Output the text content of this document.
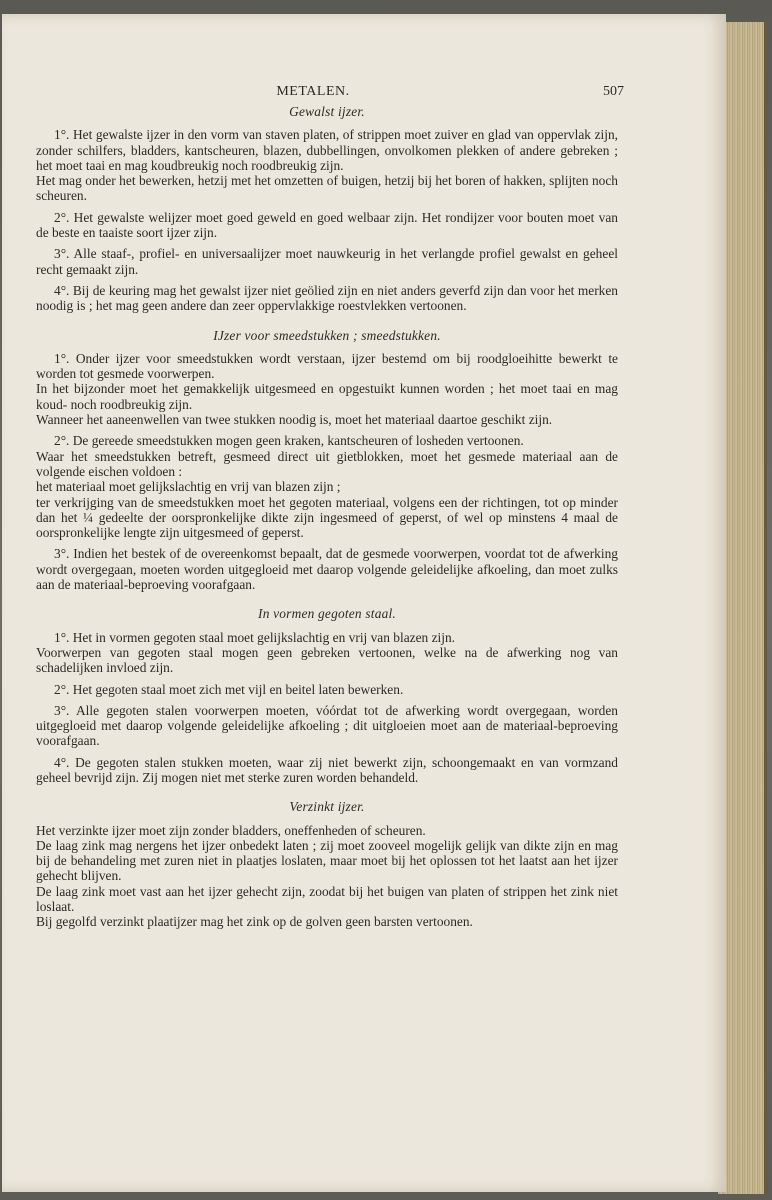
METALEN.	507
Gewalst ijzer.

1°. Het gewalste ijzer in den vorm van staven platen, of strippen moet zuiver en glad van oppervlak zijn, zonder schilfers, bladders, kantscheuren, blazen, dubbellingen, onvolkomen plekken of andere gebreken ; het moet taai en mag koudbreukig noch roodbreukig zijn.

Het mag onder het bewerken, hetzij met het omzetten of buigen, hetzij bij het boren of hakken, splijten noch scheuren.

2°. Het gewalste welijzer moet goed geweld en goed welbaar zijn. Het rondijzer voor bouten moet van de beste en taaiste soort ijzer zijn.

3°. Alle staaf-, profiel- en universaalijzer moet nauwkeurig in het verlangde profiel gewalst en geheel recht gemaakt zijn.

4°. Bij de keuring mag het gewalst ijzer niet geölied zijn en niet anders geverfd zijn dan voor het merken noodig is ; het mag geen andere dan zeer oppervlakkige roestvlekken vertoonen.

IJzer voor smeedstukken ; smeedstukken.

1°. Onder ijzer voor smeedstukken wordt verstaan, ijzer bestemd om bij roodgloeihitte bewerkt te worden tot gesmede voorwerpen.

In het bijzonder moet het gemakkelijk uitgesmeed en opgestuikt kunnen worden ; het moet taai en mag koud- noch roodbreukig zijn.

Wanneer het aaneenwellen van twee stukken noodig is, moet het materiaal daartoe geschikt zijn.

2°. De gereede smeedstukken mogen geen kraken, kantscheuren of losheden vertoonen.

Waar het smeedstukken betreft, gesmeed direct uit gietblokken, moet het gesmede materiaal aan de volgende eischen voldoen :

het materiaal moet gelijkslachtig en vrij van blazen zijn ;

ter verkrijging van de smeedstukken moet het gegoten materiaal, volgens een der richtingen, tot op minder dan het ¼ gedeelte der oorspronkelijke dikte zijn ingesmeed of geperst, of wel op minstens 4 maal de oorspronkelijke lengte zijn uitgesmeed of geperst.

3°. Indien het bestek of de overeenkomst bepaalt, dat de gesmede voorwerpen, voordat tot de afwerking wordt overgegaan, moeten worden uitgegloeid met daarop volgende geleidelijke afkoeling, dan moet zulks aan de materiaal-beproeving voorafgaan.

In vormen gegoten staal.

1°. Het in vormen gegoten staal moet gelijkslachtig en vrij van blazen zijn.

Voorwerpen van gegoten staal mogen geen gebreken vertoonen, welke na de afwerking nog van schadelijken invloed zijn.

2°. Het gegoten staal moet zich met vijl en beitel laten bewerken.

3°. Alle gegoten stalen voorwerpen moeten, vóórdat tot de afwerking wordt overgegaan, worden uitgegloeid met daarop volgende geleidelijke afkoeling ; dit uitgloeien moet aan de materiaal-beproeving voorafgaan.

4°. De gegoten stalen stukken moeten, waar zij niet bewerkt zijn, schoongemaakt en van vormzand geheel bevrijd zijn. Zij mogen niet met sterke zuren worden behandeld.

Verzinkt ijzer.

Het verzinkte ijzer moet zijn zonder bladders, oneffenheden of scheuren.

De laag zink mag nergens het ijzer onbedekt laten ; zij moet zooveel mogelijk gelijk van dikte zijn en mag bij de behandeling met zuren niet in plaatjes loslaten, maar moet bij het oplossen tot het laatst aan het ijzer gehecht blijven.

De laag zink moet vast aan het ijzer gehecht zijn, zoodat bij het buigen van platen of strippen het zink niet loslaat.

Bij gegolfd verzinkt plaatijzer mag het zink op de golven geen barsten vertoonen.
